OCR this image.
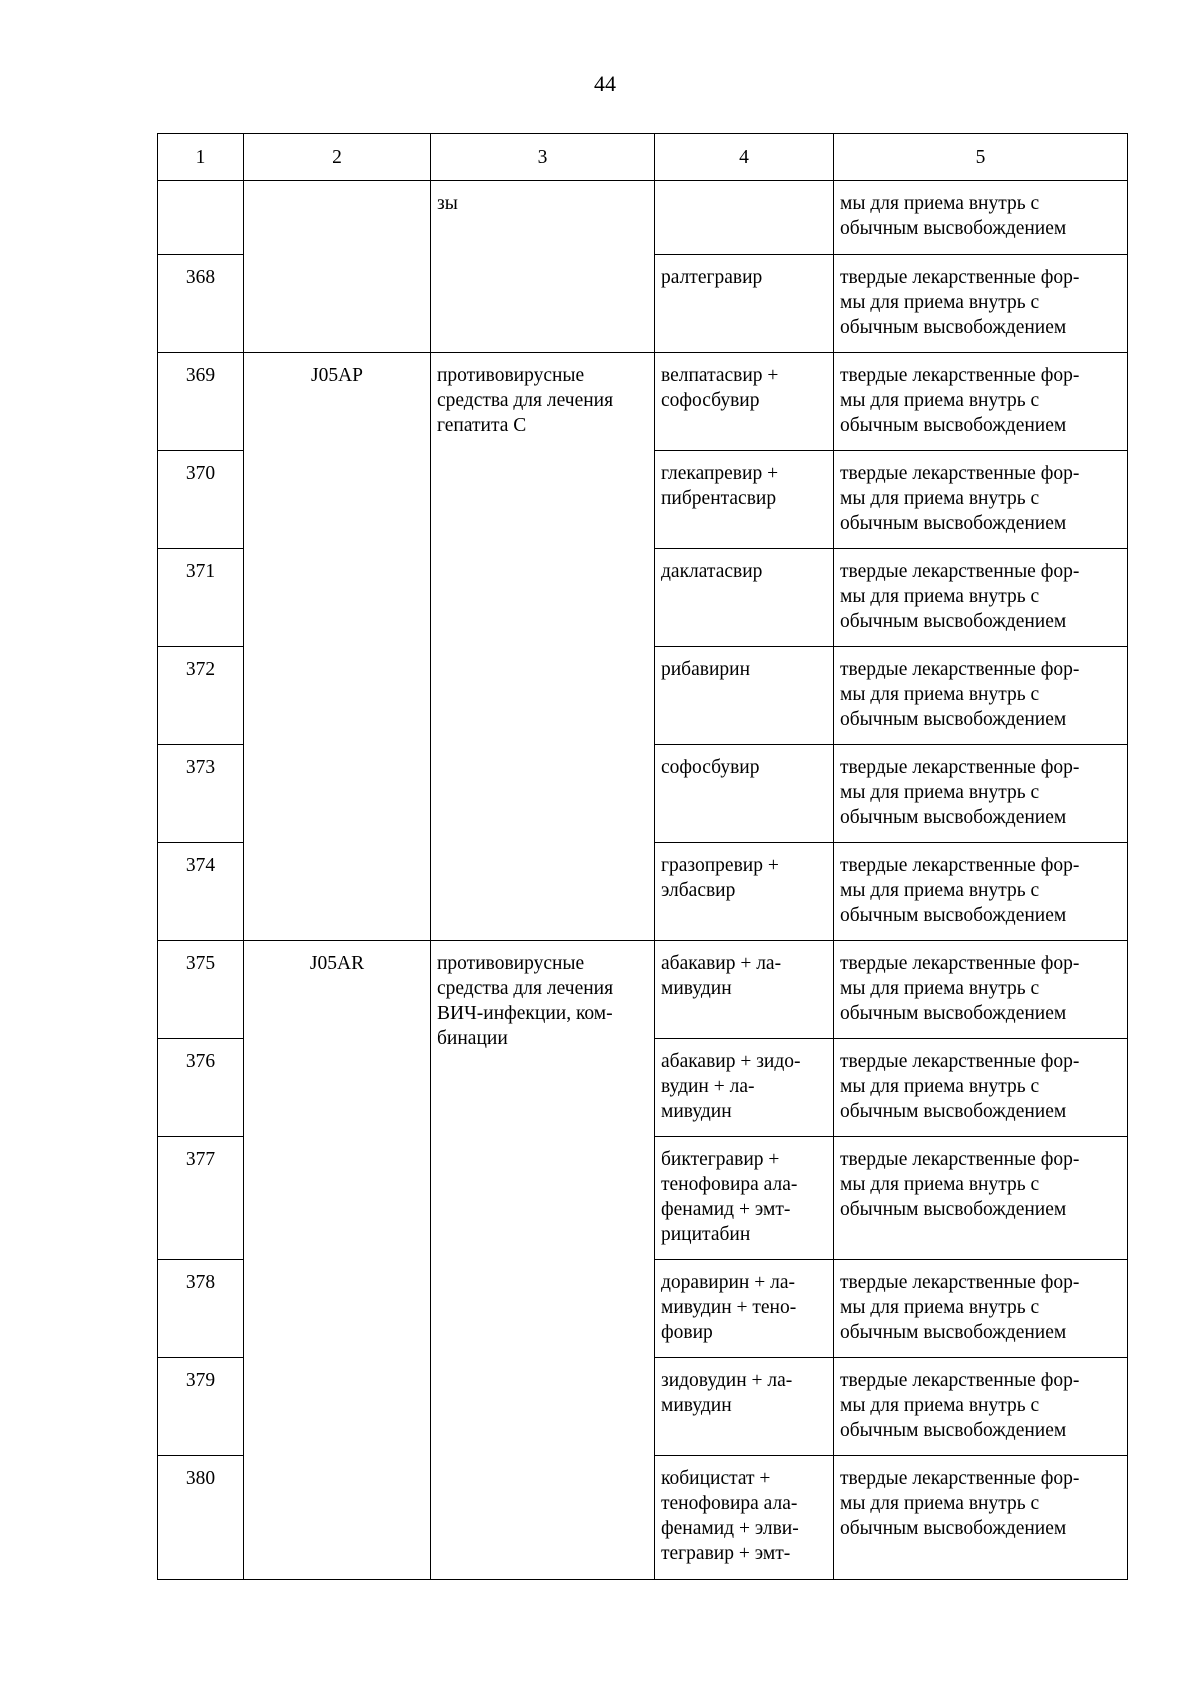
44
1	2	3	4	5

		зы		мы для приема внутрь с
обычным высвобождением

368			ралтегравир	твердые лекарственные фор-
мы для приема внутрь с
обычным высвобождением

369	J05AP	противовирусные
средства для лечения
гепатита С	велпатасвир +
софосбувир	твердые лекарственные фор-
мы для приема внутрь с
обычным высвобождением

370			глекапревир +
пибрентасвир	твердые лекарственные фор-
мы для приема внутрь с
обычным высвобождением

371			даклатасвир	твердые лекарственные фор-
мы для приема внутрь с
обычным высвобождением

372			рибавирин	твердые лекарственные фор-
мы для приема внутрь с
обычным высвобождением

373			софосбувир	твердые лекарственные фор-
мы для приема внутрь с
обычным высвобождением

374			гразопревир +
элбасвир	твердые лекарственные фор-
мы для приема внутрь с
обычным высвобождением

375	J05AR	противовирусные
средства для лечения
ВИЧ-инфекции, ком-
бинации	абакавир + ла-
мивудин	твердые лекарственные фор-
мы для приема внутрь с
обычным высвобождением

376			абакавир + зидо-
вудин + ла-
мивудин	твердые лекарственные фор-
мы для приема внутрь с
обычным высвобождением

377			биктегравир +
тенофовира ала-
фенамид + эмт-
рицитабин	твердые лекарственные фор-
мы для приема внутрь с
обычным высвобождением

378			доравирин + ла-
мивудин + тено-
фовир	твердые лекарственные фор-
мы для приема внутрь с
обычным высвобождением

379			зидовудин + ла-
мивудин	твердые лекарственные фор-
мы для приема внутрь с
обычным высвобождением

380			кобицистат +
тенофовира ала-
фенамид + элви-
тегравир + эмт-	твердые лекарственные фор-
мы для приема внутрь с
обычным высвобождением
